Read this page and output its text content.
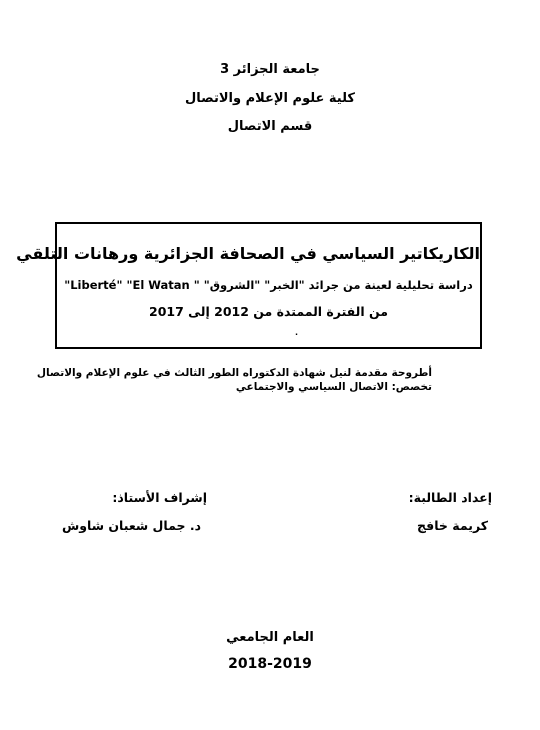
جامعة الجزائر 3
كلية علوم الإعلام والاتصال
قسم الاتصال
الكاريكاتير السياسي في الصحافة الجزائرية ورهانات التلقي
دراسة تحليلية لعينة من جرائد "الخبر" "الشروق" " Liberté" "El Watan"
من الفترة الممتدة من 2012 إلى 2017
.
أطروحة مقدمة لنيل شهادة الدكتوراه الطور الثالث في علوم الإعلام والاتصال
تخصص: الاتصال السياسي والاجتماعي
إعداد الطالبة:
كريمة خافج
إشراف الأستاذ:
د. جمال شعبان شاوش
العام الجامعي
2018-2019
